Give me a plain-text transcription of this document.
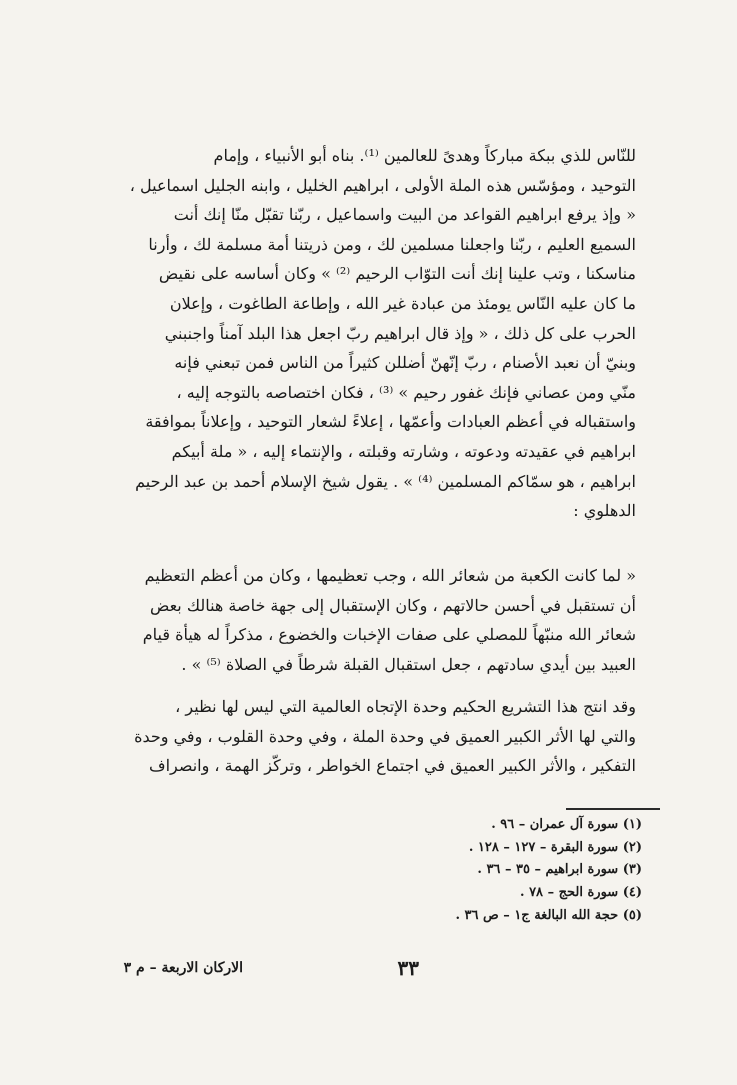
للنّاس للذي ببكة مباركاً وهدىً للعالمين ⁽¹⁾. بناه أبو الأنبياء ، وإمام
التوحيد ، ومؤسّس هذه الملة الأولى ، ابراهيم الخليل ، وابنه الجليل اسماعيل ،
« وإذ يرفع ابراهيم القواعد من البيت واسماعيل ، ربّنا تقبّل منّا إنك أنت
السميع العليم ، ربّنا واجعلنا مسلمين لك ، ومن ذريتنا أمة مسلمة لك ، وأرنا
مناسكنا ، وتب علينا إنك أنت التوّاب الرحيم ⁽²⁾ » وكان أساسه على نقيض
ما كان عليه النّاس يومئذ من عبادة غير الله ، وإطاعة الطاغوت ، وإعلان
الحرب على كل ذلك ، « وإذ قال ابراهيم ربّ اجعل هذا البلد آمناً واجنبني
وبنيّ أن نعبد الأصنام ، ربّ إنّهنّ أضللن كثيراً من الناس فمن تبعني فإنه
منّي ومن عصاني فإنك غفور رحيم » ⁽³⁾ ، فكان اختصاصه بالتوجه إليه ،
واستقباله في أعظم العبادات وأعمّها ، إعلاءً لشعار التوحيد ، وإعلاناً بموافقة
ابراهيم في عقيدته ودعوته ، وشارته وقبلته ، والإنتماء إليه ، « ملة أبيكم
ابراهيم ، هو سمّاكم المسلمين ⁽⁴⁾ » . يقول شيخ الإسلام أحمد بن عبد الرحيم
الدهلوي :
« لما كانت الكعبة من شعائر الله ، وجب تعظيمها ، وكان من أعظم التعظيم
أن تستقبل في أحسن حالاتهم ، وكان الإستقبال إلى جهة خاصة هنالك بعض
شعائر الله منبّهاً للمصلي على صفات الإخبات والخضوع ، مذكراً له هيأة قيام
العبيد بين أيدي سادتهم ، جعل استقبال القبلة شرطاً في الصلاة ⁽⁵⁾ » .
وقد انتج هذا التشريع الحكيم وحدة الإتجاه العالمية التي ليس لها نظير ،
والتي لها الأثر الكبير العميق في وحدة الملة ، وفي وحدة القلوب ، وفي وحدة
التفكير ، والأثر الكبير العميق في اجتماع الخواطر ، وتركّز الهمة ، وانصراف
(١) سورة آل عمران – ٩٦ .
(٢) سورة البقرة – ١٢٧ – ١٢٨ .
(٣) سورة ابراهيم – ٣٥ – ٣٦ .
(٤) سورة الحج – ٧٨ .
(٥) حجة الله البالغة ج١ – ص ٣٦ .
٣٣
الاركان الاربعة – م ٣
